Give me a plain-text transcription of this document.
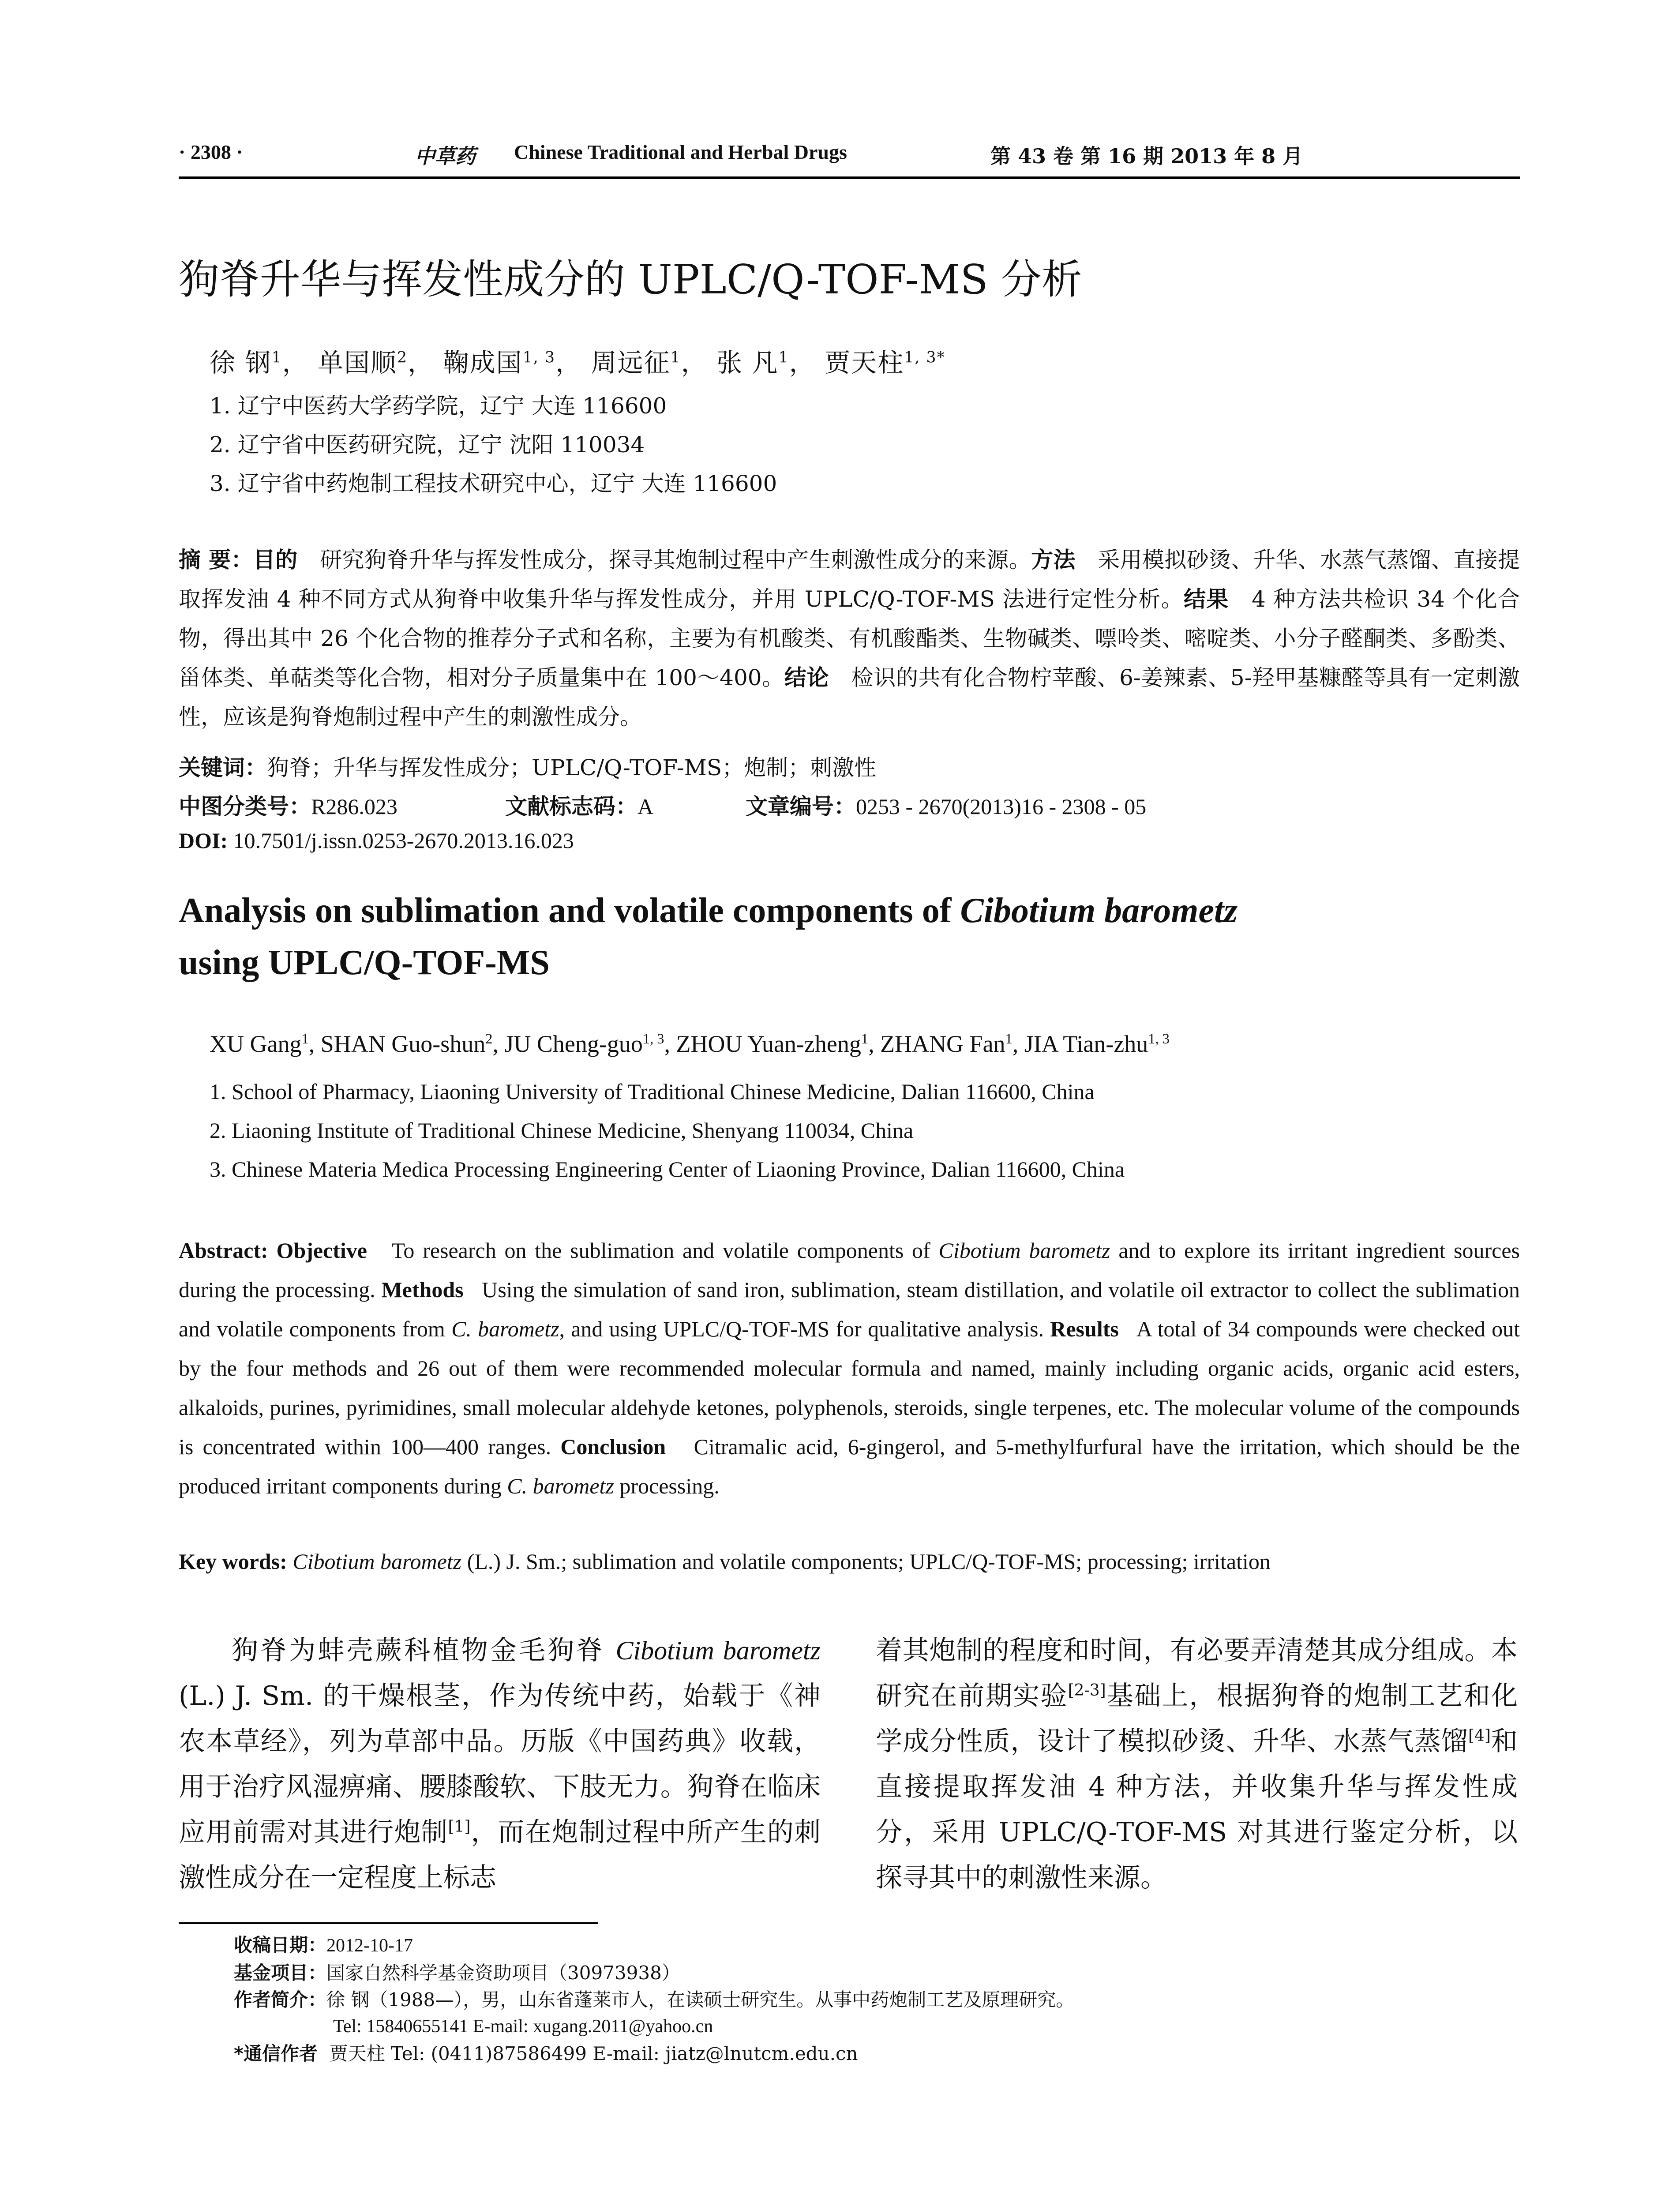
· 2308 ·	中草药 Chinese Traditional and Herbal Drugs	第 43 卷 第 16 期 2013 年 8 月
狗脊升华与挥发性成分的 UPLC/Q-TOF-MS 分析
徐 钢$^1$， 单国顺$^2$， 鞠成国$^{1, 3}$， 周远征$^1$， 张 凡$^1$， 贾天柱$^{1, 3*}$
1. 辽宁中医药大学药学院，辽宁 大连 116600
2. 辽宁省中医药研究院，辽宁 沈阳 110034
3. 辽宁省中药炮制工程技术研究中心，辽宁 大连 116600
摘 要：目的　 研究狗脊升华与挥发性成分，探寻其炮制过程中产生刺激性成分的来源。方法　 采用模拟砂烫、升华、水蒸气蒸馏、直接提取挥发油 4 种不同方式从狗脊中收集升华与挥发性成分，并用 UPLC/Q-TOF-MS 法进行定性分析。结果　 4 种方法共检识 34 个化合物，得出其中 26 个化合物的推荐分子式和名称，主要为有机酸类、有机酸酯类、生物碱类、嘌呤类、嘧啶类、小分子醛酮类、多酚类、甾体类、单萜类等化合物，相对分子质量集中在 100～400。结论　 检识的共有化合物柠苹酸、6-姜辣素、5-羟甲基糠醛等具有一定刺激性，应该是狗脊炮制过程中产生的刺激性成分。
关键词：狗脊；升华与挥发性成分；UPLC/Q-TOF-MS；炮制；刺激性
中图分类号：R286.023	文献标志码：A	文章编号：0253 - 2670(2013)16 - 2308 - 05
DOI: 10.7501/j.issn.0253-2670.2013.16.023
Analysis on sublimation and volatile components of Cibotium barometz
using UPLC/Q-TOF-MS
XU Gang$^1$, SHAN Guo-shun$^2$, JU Cheng-guo$^{1, 3}$, ZHOU Yuan-zheng$^1$, ZHANG Fan$^1$, JIA Tian-zhu$^{1, 3}$
1. School of Pharmacy, Liaoning University of Traditional Chinese Medicine, Dalian 116600, China
2. Liaoning Institute of Traditional Chinese Medicine, Shenyang 110034, China
3. Chinese Materia Medica Processing Engineering Center of Liaoning Province, Dalian 116600, China
Abstract: Objective To research on the sublimation and volatile components of Cibotium barometz and to explore its irritant ingredient sources during the processing. Methods Using the simulation of sand iron, sublimation, steam distillation, and volatile oil extractor to collect the sublimation and volatile components from C. barometz, and using UPLC/Q-TOF-MS for qualitative analysis. Results A total of 34 compounds were checked out by the four methods and 26 out of them were recommended molecular formula and named, mainly including organic acids, organic acid esters, alkaloids, purines, pyrimidines, small molecular aldehyde ketones, polyphenols, steroids, single terpenes, etc. The molecular volume of the compounds is concentrated within 100—400 ranges. Conclusion Citramalic acid, 6-gingerol, and 5-methylfurfural have the irritation, which should be the produced irritant components during C. barometz processing.
Key words: Cibotium barometz (L.) J. Sm.; sublimation and volatile components; UPLC/Q-TOF-MS; processing; irritation
狗脊为蚌壳蕨科植物金毛狗脊 Cibotium barometz (L.) J. Sm. 的干燥根茎，作为传统中药，始载于《神农本草经》，列为草部中品。历版《中国药典》收载，用于治疗风湿痹痛、腰膝酸软、下肢无力。狗脊在临床应用前需对其进行炮制[1]，而在炮制过程中所产生的刺激性成分在一定程度上标志
着其炮制的程度和时间，有必要弄清楚其成分组成。本研究在前期实验[2-3]基础上，根据狗脊的炮制工艺和化学成分性质，设计了模拟砂烫、升华、水蒸气蒸馏[4]和直接提取挥发油 4 种方法，并收集升华与挥发性成分，采用 UPLC/Q-TOF-MS 对其进行鉴定分析，以探寻其中的刺激性来源。
收稿日期：2012-10-17
基金项目：国家自然科学基金资助项目（30973938）
作者简介：徐 钢（1988—），男，山东省蓬莱市人，在读硕士研究生。从事中药炮制工艺及原理研究。
Tel: 15840655141 E-mail: xugang.2011@yahoo.cn
*通信作者 贾天柱 Tel: (0411)87586499 E-mail: jiatz@lnutcm.edu.cn
